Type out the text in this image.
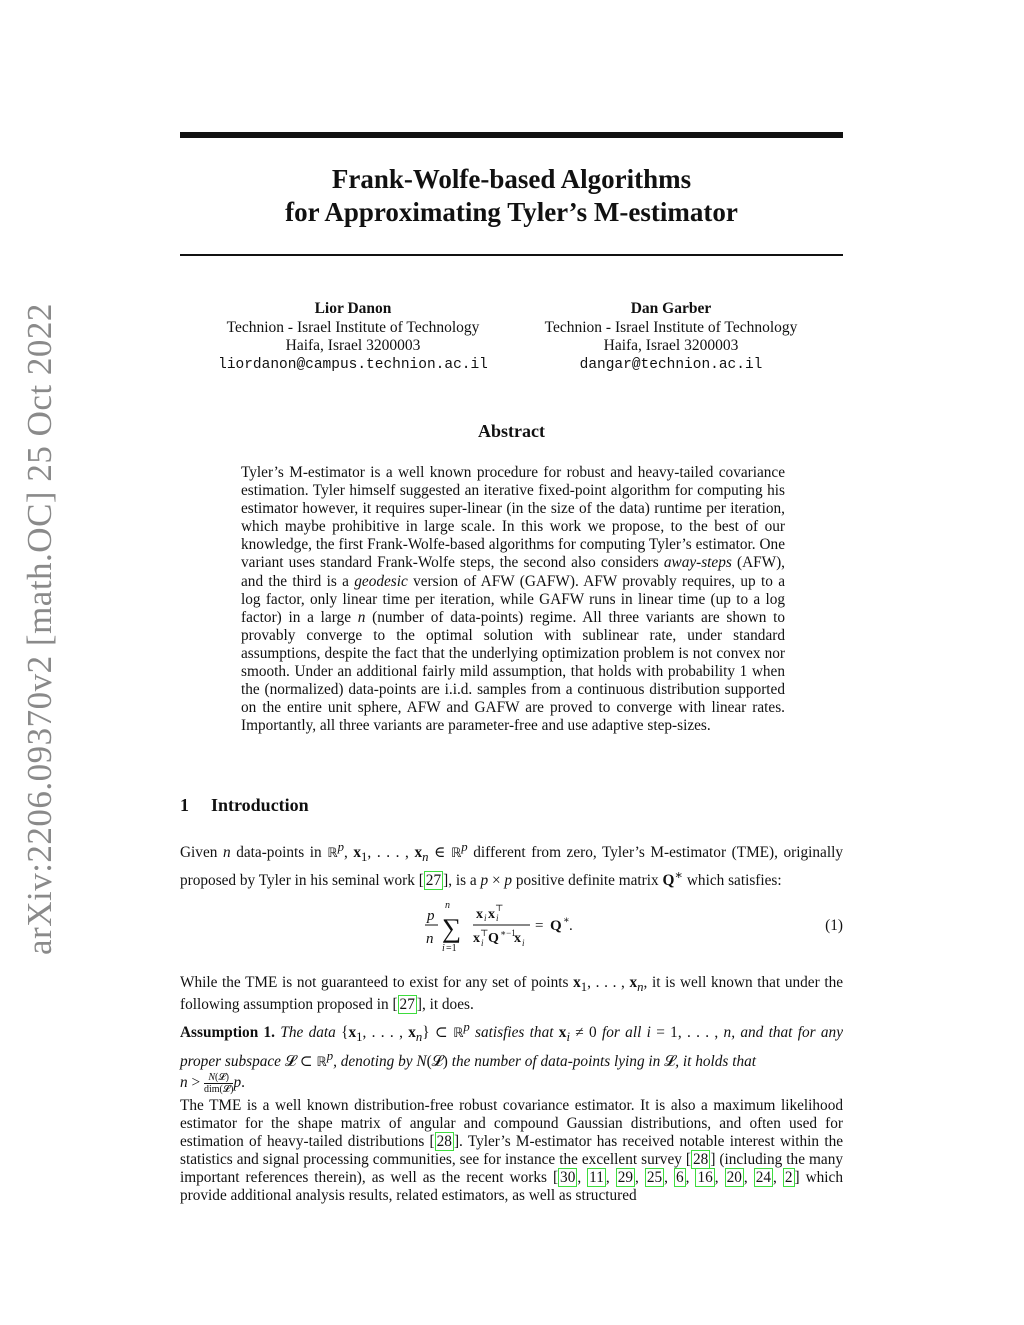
arXiv:2206.09370v2 [math.OC] 25 Oct 2022
Frank-Wolfe-based Algorithms
for Approximating Tyler’s M-estimator
Lior Danon
Technion - Israel Institute of Technology
Haifa, Israel 3200003
liordanon@campus.technion.ac.il
Dan Garber
Technion - Israel Institute of Technology
Haifa, Israel 3200003
dangar@technion.ac.il
Abstract
Tyler’s M-estimator is a well known procedure for robust and heavy-tailed covariance estimation. Tyler himself suggested an iterative fixed-point algorithm for computing his estimator however, it requires super-linear (in the size of the data) runtime per iteration, which maybe prohibitive in large scale. In this work we propose, to the best of our knowledge, the first Frank-Wolfe-based algorithms for computing Tyler’s estimator. One variant uses standard Frank-Wolfe steps, the second also considers away-steps (AFW), and the third is a geodesic version of AFW (GAFW). AFW provably requires, up to a log factor, only linear time per iteration, while GAFW runs in linear time (up to a log factor) in a large n (number of data-points) regime. All three variants are shown to provably converge to the optimal solution with sublinear rate, under standard assumptions, despite the fact that the underlying optimization problem is not convex nor smooth. Under an additional fairly mild assumption, that holds with probability 1 when the (normalized) data-points are i.i.d. samples from a continuous distribution supported on the entire unit sphere, AFW and GAFW are proved to converge with linear rates. Importantly, all three variants are parameter-free and use adaptive step-sizes.
1 Introduction
Given n data-points in ℝ$^p$, $x_1$, . . . , $x_n$ ∈ ℝ$^p$ different from zero, Tyler’s M-estimator (TME), originally proposed by Tyler in his seminal work [ 27 ], is a p × p positive definite matrix Q∗ which satisfies:
p
n
n
∑
i =1
x i x i
⊤
x i
⊤ Q ∗−1
x i
= Q ∗ .	(1)
While the TME is not guaranteed to exist for any set of points $x_1$, . . . , $x_n$, it is well known that under the following assumption proposed in [ 27 ], it does.
Assumption 1. The data {$x_1$, . . . , $x_n$} ⊂ ℝ$^p$ satisfies that $x_i \ne 0$ for all i = 1, . . . , n, and that for any proper subspace 𝓛 ⊂ ℝ$^p$, denoting by N(𝓛) the number of data-points lying in 𝓛, it holds that
n > N(𝓛)
dim(𝓛) p.
The TME is a well known distribution-free robust covariance estimator. It is also a maximum likelihood estimator for the shape matrix of angular and compound Gaussian distributions, and often used for estimation of heavy-tailed distributions [ 28 ]. Tyler’s M-estimator has received notable interest within the statistics and signal processing communities, see for instance the excellent survey [ 28 ] (including the many important references therein), as well as the recent works [ 30 , 11 , 29 , 25 , 6 , 16 , 20 , 24 , 2 ] which provide additional analysis results, related estimators, as well as structured
